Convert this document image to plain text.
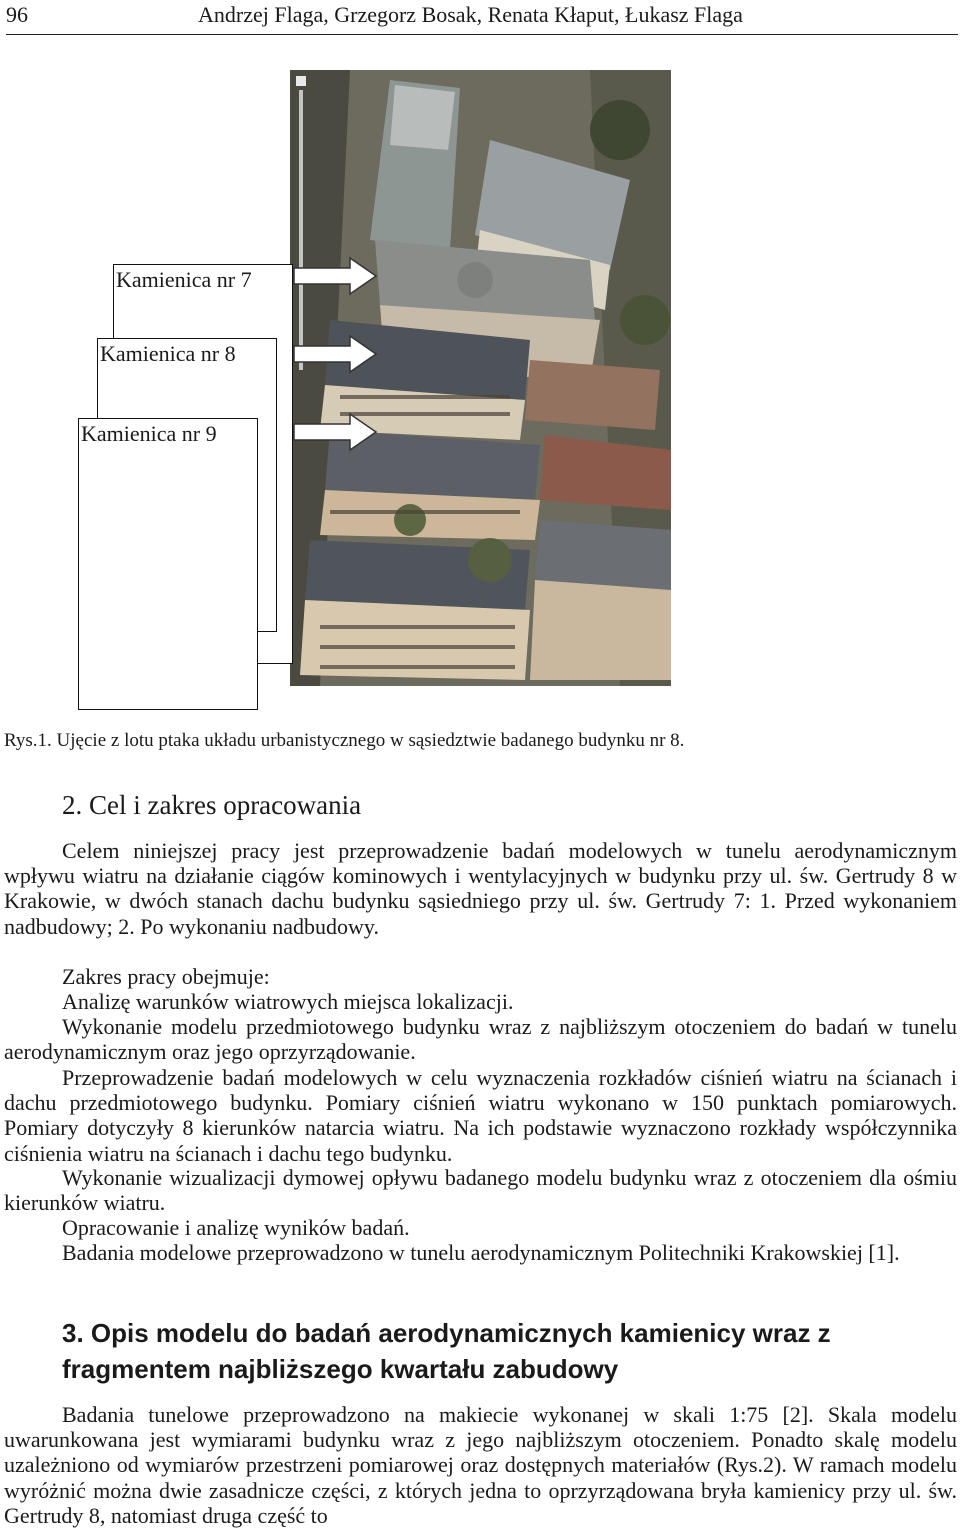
96	Andrzej Flaga, Grzegorz Bosak, Renata Kłaput, Łukasz Flaga
Kamienica nr 7
Kamienica nr 8
Kamienica nr 9
Rys.1. Ujęcie z lotu ptaka układu urbanistycznego w sąsiedztwie badanego budynku nr 8.
2. Cel i zakres opracowania
Celem niniejszej pracy jest przeprowadzenie badań modelowych w tunelu aerodynamicznym wpływu wiatru na działanie ciągów kominowych i wentylacyjnych w budynku przy ul. św. Gertrudy 8 w Krakowie, w dwóch stanach dachu budynku sąsiedniego przy ul. św. Gertrudy 7: 1. Przed wykonaniem nadbudowy; 2. Po wykonaniu nadbudowy.
Zakres pracy obejmuje:
Analizę warunków wiatrowych miejsca lokalizacji.
Wykonanie modelu przedmiotowego budynku wraz z najbliższym otoczeniem do badań w tunelu aerodynamicznym oraz jego oprzyrządowanie.
Przeprowadzenie badań modelowych w celu wyznaczenia rozkładów ciśnień wiatru na ścianach i dachu przedmiotowego budynku. Pomiary ciśnień wiatru wykonano w 150 punktach pomiarowych. Pomiary dotyczyły 8 kierunków natarcia wiatru. Na ich podstawie wyznaczono rozkłady współczynnika ciśnienia wiatru na ścianach i dachu tego budynku.
Wykonanie wizualizacji dymowej opływu badanego modelu budynku wraz z otoczeniem dla ośmiu kierunków wiatru.
Opracowanie i analizę wyników badań.
Badania modelowe przeprowadzono w tunelu aerodynamicznym Politechniki Krakowskiej [1].
3. Opis modelu do badań aerodynamicznych kamienicy wraz z fragmentem najbliższego kwartału zabudowy
Badania tunelowe przeprowadzono na makiecie wykonanej w skali 1:75 [2]. Skala modelu uwarunkowana jest wymiarami budynku wraz z jego najbliższym otoczeniem. Ponadto skalę modelu uzależniono od wymiarów przestrzeni pomiarowej oraz dostępnych materiałów (Rys.2). W ramach modelu wyróżnić można dwie zasadnicze części, z których jedna to oprzyrządowana bryła kamienicy przy ul. św. Gertrudy 8, natomiast druga część to
